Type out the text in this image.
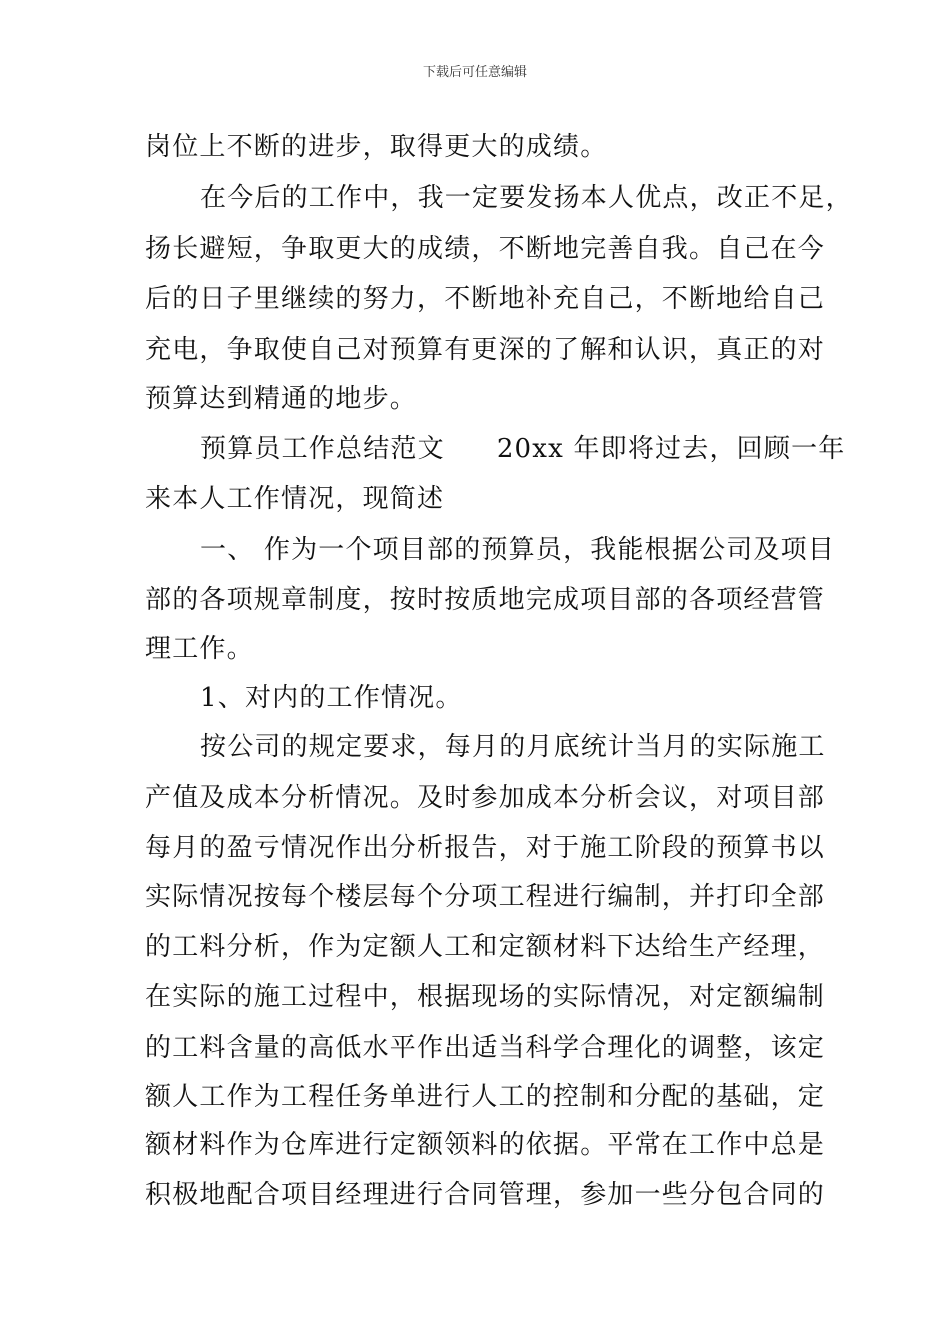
下载后可任意编辑
岗位上不断的进步，取得更大的成绩。
在今后的工作中，我一定要发扬本人优点，改正不足，
扬长避短，争取更大的成绩，不断地完善自我。自己在今
后的日子里继续的努力，不断地补充自己，不断地给自己
充电，争取使自己对预算有更深的了解和认识，真正的对
预算达到精通的地步。
预算员工作总结范文 20xx 年即将过去，回顾一年
来本人工作情况，现简述
一、 作为一个项目部的预算员，我能根据公司及项目
部的各项规章制度，按时按质地完成项目部的各项经营管
理工作。
1、对内的工作情况。
按公司的规定要求，每月的月底统计当月的实际施工
产值及成本分析情况。及时参加成本分析会议，对项目部
每月的盈亏情况作出分析报告，对于施工阶段的预算书以
实际情况按每个楼层每个分项工程进行编制，并打印全部
的工料分析，作为定额人工和定额材料下达给生产经理，
在实际的施工过程中，根据现场的实际情况，对定额编制
的工料含量的高低水平作出适当科学合理化的调整，该定
额人工作为工程任务单进行人工的控制和分配的基础，定
额材料作为仓库进行定额领料的依据。平常在工作中总是
积极地配合项目经理进行合同管理，参加一些分包合同的
